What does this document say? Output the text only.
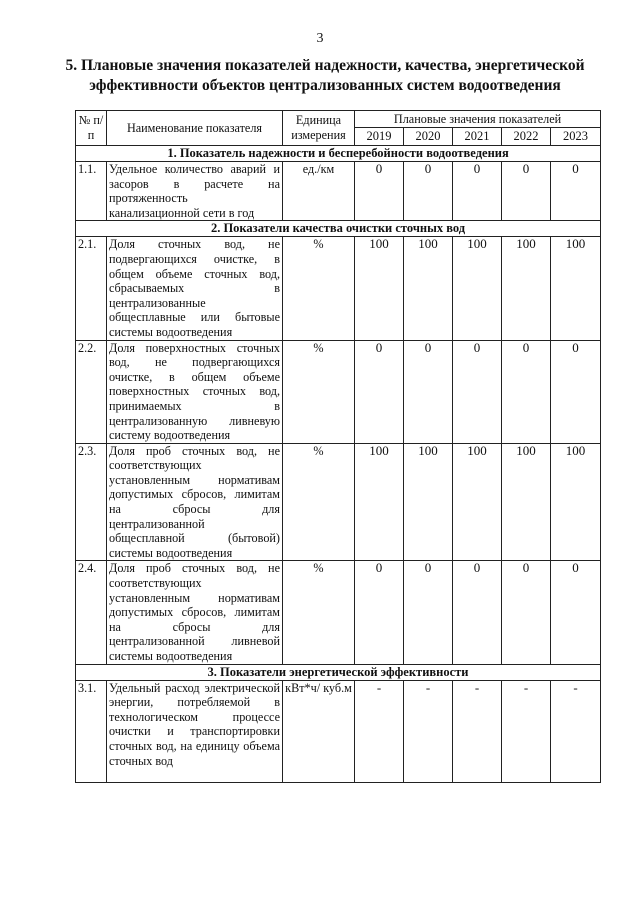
3
5. Плановые значения показателей надежности, качества, энергетической эффективности объектов централизованных систем водоотведения
№ п/п	Наименование показателя	Единица измерения	Плановые значения показателей				
			2019	2020	2021	2022	2023
1. Показатель надежности и бесперебойности водоотведения							
1.1.	Удельное количество аварий и засоров в расчете на протяженность канализационной сети в год	ед./км	0	0	0	0	0
2. Показатели качества очистки сточных вод							
2.1.	Доля сточных вод, не подвергающихся очистке, в общем объеме сточных вод, сбрасываемых в централизованные общесплавные или бытовые системы водоотведения	%	100	100	100	100	100
2.2.	Доля поверхностных сточных вод, не подвергающихся очистке, в общем объеме поверхностных сточных вод, принимаемых в централизованную ливневую систему водоотведения	%	0	0	0	0	0
2.3.	Доля проб сточных вод, не соответствующих установленным нормативам допустимых сбросов, лимитам на сбросы для централизованной общесплавной (бытовой) системы водоотведения	%	100	100	100	100	100
2.4.	Доля проб сточных вод, не соответствующих установленным нормативам допустимых сбросов, лимитам на сбросы для централизованной ливневой системы водоотведения	%	0	0	0	0	0
3. Показатели энергетической эффективности							
3.1.	Удельный расход электрической энергии, потребляемой в технологическом процессе очистки и транспортировки сточных вод, на единицу объема сточных вод	кВт*ч/ куб.м	-	-	-	-	-
